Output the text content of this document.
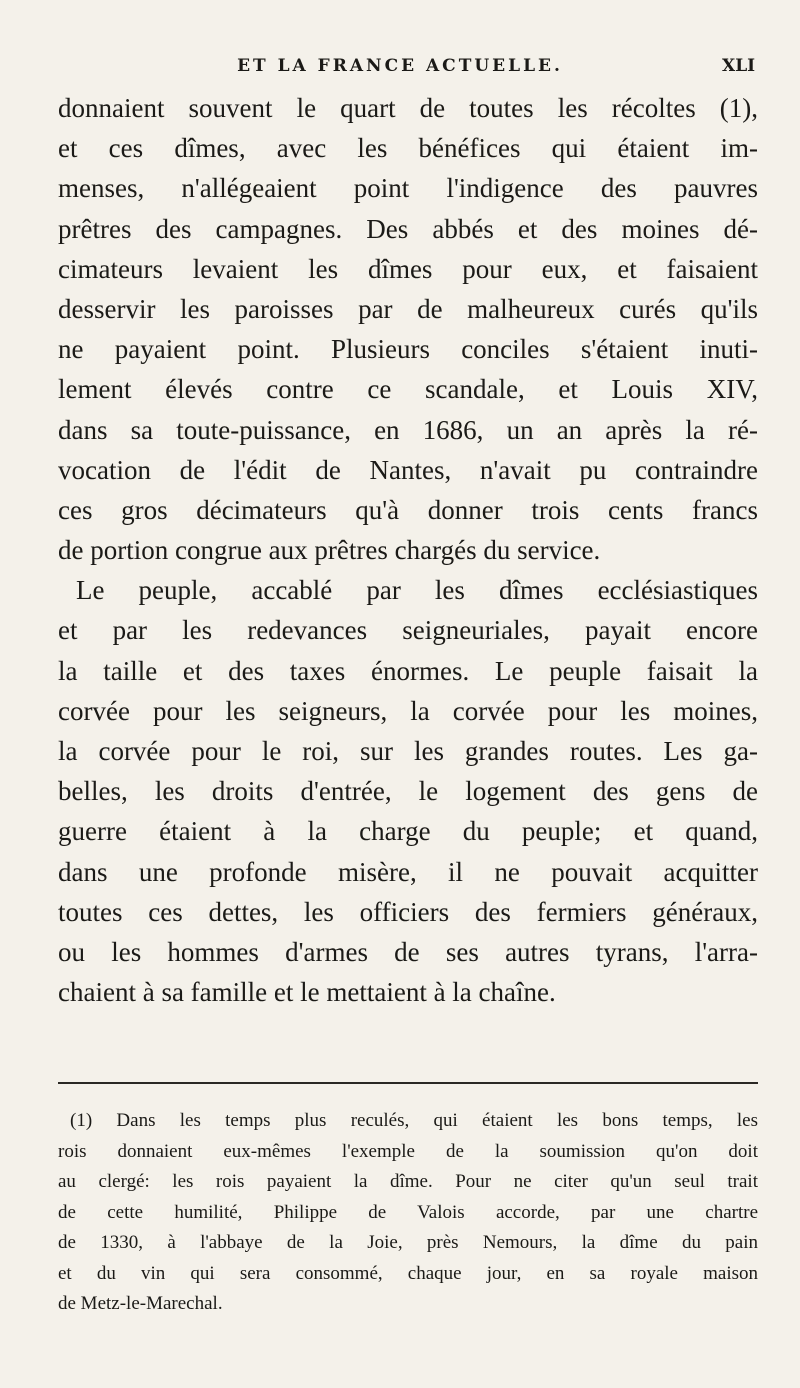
ET LA FRANCE ACTUELLE.	XLI
donnaient souvent le quart de toutes les récoltes (1),
et ces dîmes, avec les bénéfices qui étaient im-
menses, n'allégeaient point l'indigence des pauvres
prêtres des campagnes. Des abbés et des moines dé-
cimateurs levaient les dîmes pour eux, et faisaient
desservir les paroisses par de malheureux curés qu'ils
ne payaient point. Plusieurs conciles s'étaient inuti-
lement élevés contre ce scandale, et Louis XIV,
dans sa toute-puissance, en 1686, un an après la ré-
vocation de l'édit de Nantes, n'avait pu contraindre
ces gros décimateurs qu'à donner trois cents francs
de portion congrue aux prêtres chargés du service.
Le peuple, accablé par les dîmes ecclésiastiques
et par les redevances seigneuriales, payait encore
la taille et des taxes énormes. Le peuple faisait la
corvée pour les seigneurs, la corvée pour les moines,
la corvée pour le roi, sur les grandes routes. Les ga-
belles, les droits d'entrée, le logement des gens de
guerre étaient à la charge du peuple; et quand,
dans une profonde misère, il ne pouvait acquitter
toutes ces dettes, les officiers des fermiers généraux,
ou les hommes d'armes de ses autres tyrans, l'arra-
chaient à sa famille et le mettaient à la chaîne.
(1) Dans les temps plus reculés, qui étaient les bons temps, les
rois donnaient eux-mêmes l'exemple de la soumission qu'on doit
au clergé: les rois payaient la dîme. Pour ne citer qu'un seul trait
de cette humilité, Philippe de Valois accorde, par une chartre
de 1330, à l'abbaye de la Joie, près Nemours, la dîme du pain
et du vin qui sera consommé, chaque jour, en sa royale maison
de Metz-le-Marechal.
